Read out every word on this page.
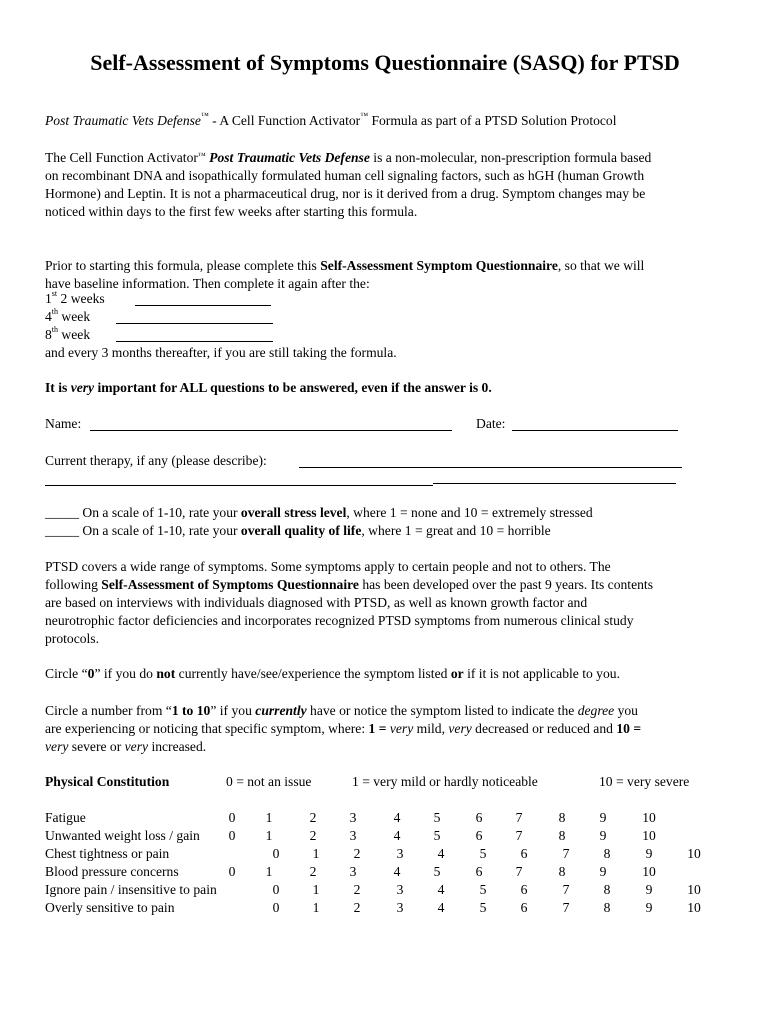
Self-Assessment of Symptoms Questionnaire (SASQ) for PTSD
Post Traumatic Vets Defense™ - A Cell Function Activator™ Formula as part of a PTSD Solution Protocol
The Cell Function Activator™ Post Traumatic Vets Defense is a non-molecular, non-prescription formula based
on recombinant DNA and isopathically formulated human cell signaling factors, such as hGH (human Growth
Hormone) and Leptin. It is not a pharmaceutical drug, nor is it derived from a drug. Symptom changes may be
noticed within days to the first few weeks after starting this formula.
Prior to starting this formula, please complete this Self-Assessment Symptom Questionnaire, so that we will
have baseline information. Then complete it again after the:
1st 2 weeks
4th week
8th week
and every 3 months thereafter, if you are still taking the formula.
It is very important for ALL questions to be answered, even if the answer is 0.
Name:	Date:
Current therapy, if any (please describe):
_____ On a scale of 1-10, rate your overall stress level, where 1 = none and 10 = extremely stressed
_____ On a scale of 1-10, rate your overall quality of life, where 1 = great and 10 = horrible
PTSD covers a wide range of symptoms. Some symptoms apply to certain people and not to others. The
following Self-Assessment of Symptoms Questionnaire has been developed over the past 9 years. Its contents
are based on interviews with individuals diagnosed with PTSD, as well as known growth factor and
neurotrophic factor deficiencies and incorporates recognized PTSD symptoms from numerous clinical study
protocols.
Circle “0” if you do not currently have/see/experience the symptom listed or if it is not applicable to you.
Circle a number from “1 to 10” if you currently have or notice the symptom listed to indicate the degree you
are experiencing or noticing that specific symptom, where: 1 = very mild, very decreased or reduced and 10 =
very severe or very increased.
Physical Constitution	0 = not an issue	1 = very mild or hardly noticeable	10 = very severe
Fatigue	0	1	2	3	4	5	6	7	8	9	10
Unwanted weight loss / gain	0	1	2	3	4	5	6	7	8	9	10
Chest tightness or pain	0	1	2	3	4	5	6	7	8	9	10
Blood pressure concerns	0	1	2	3	4	5	6	7	8	9	10
Ignore pain / insensitive to pain	0	1	2	3	4	5	6	7	8	9	10
Overly sensitive to pain	0	1	2	3	4	5	6	7	8	9	10
